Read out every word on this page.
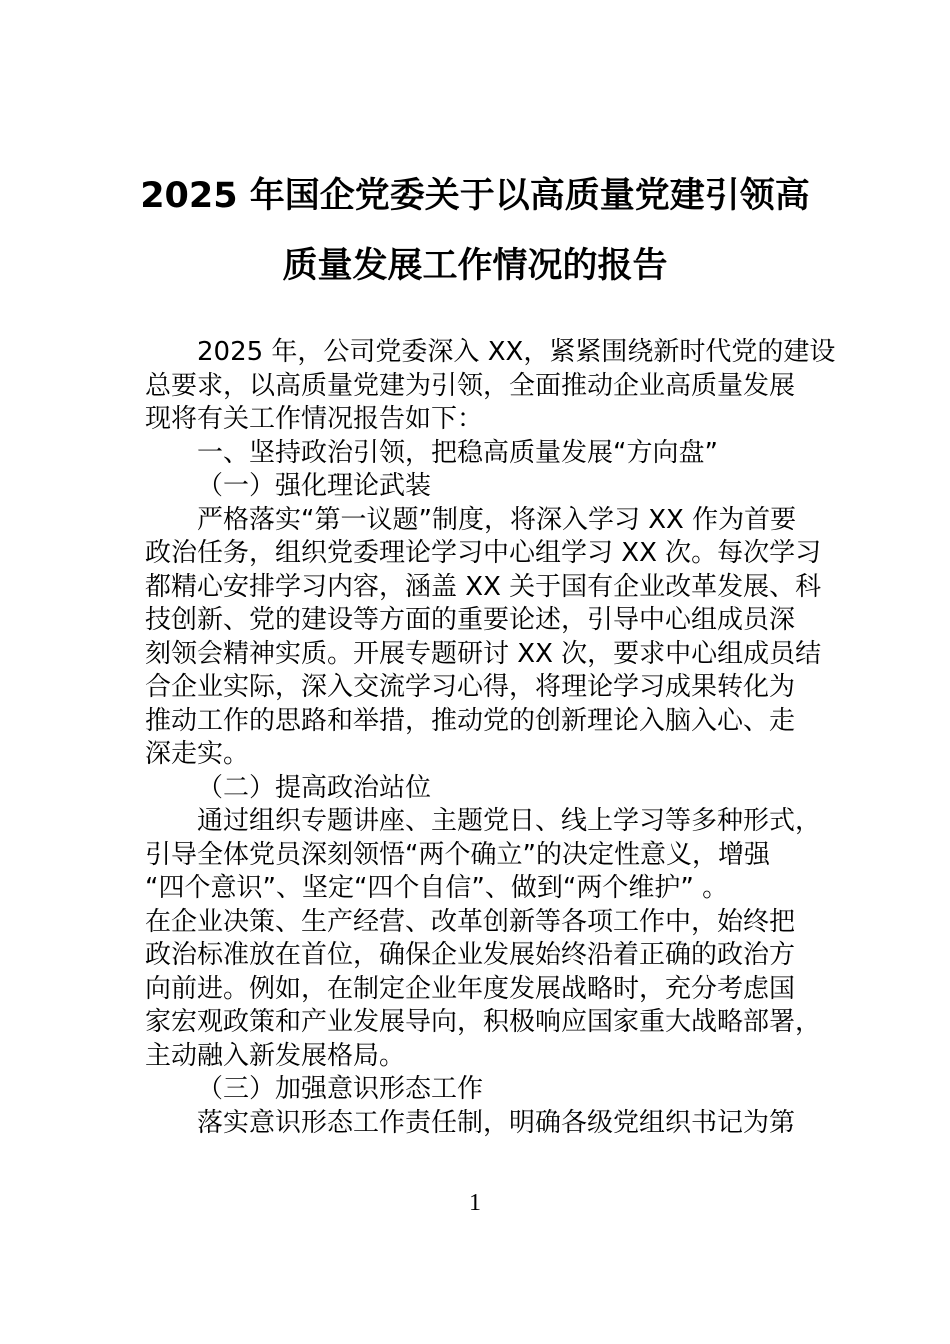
2025 年国企党委关于以高质量党建引领高
质量发展工作情况的报告
2025 年，公司党委深入 XX，紧紧围绕新时代党的建设
总要求，以高质量党建为引领，全面推动企业高质量发展
现将有关工作情况报告如下：
一、坚持政治引领，把稳高质量发展“方向盘”
（一）强化理论武装
严格落实“第一议题”制度，将深入学习 XX 作为首要
政治任务，组织党委理论学习中心组学习 XX 次。每次学习
都精心安排学习内容，涵盖 XX 关于国有企业改革发展、科
技创新、党的建设等方面的重要论述，引导中心组成员深
刻领会精神实质。开展专题研讨 XX 次，要求中心组成员结
合企业实际，深入交流学习心得，将理论学习成果转化为
推动工作的思路和举措，推动党的创新理论入脑入心、走
深走实。
（二）提高政治站位
通过组织专题讲座、主题党日、线上学习等多种形式，
引导全体党员深刻领悟“两个确立”的决定性意义，增强
“四个意识”、坚定“四个自信”、做到“两个维护” 。
在企业决策、生产经营、改革创新等各项工作中，始终把
政治标准放在首位，确保企业发展始终沿着正确的政治方
向前进。例如，在制定企业年度发展战略时，充分考虑国
家宏观政策和产业发展导向，积极响应国家重大战略部署，
主动融入新发展格局。
（三）加强意识形态工作
落实意识形态工作责任制，明确各级党组织书记为第
1
